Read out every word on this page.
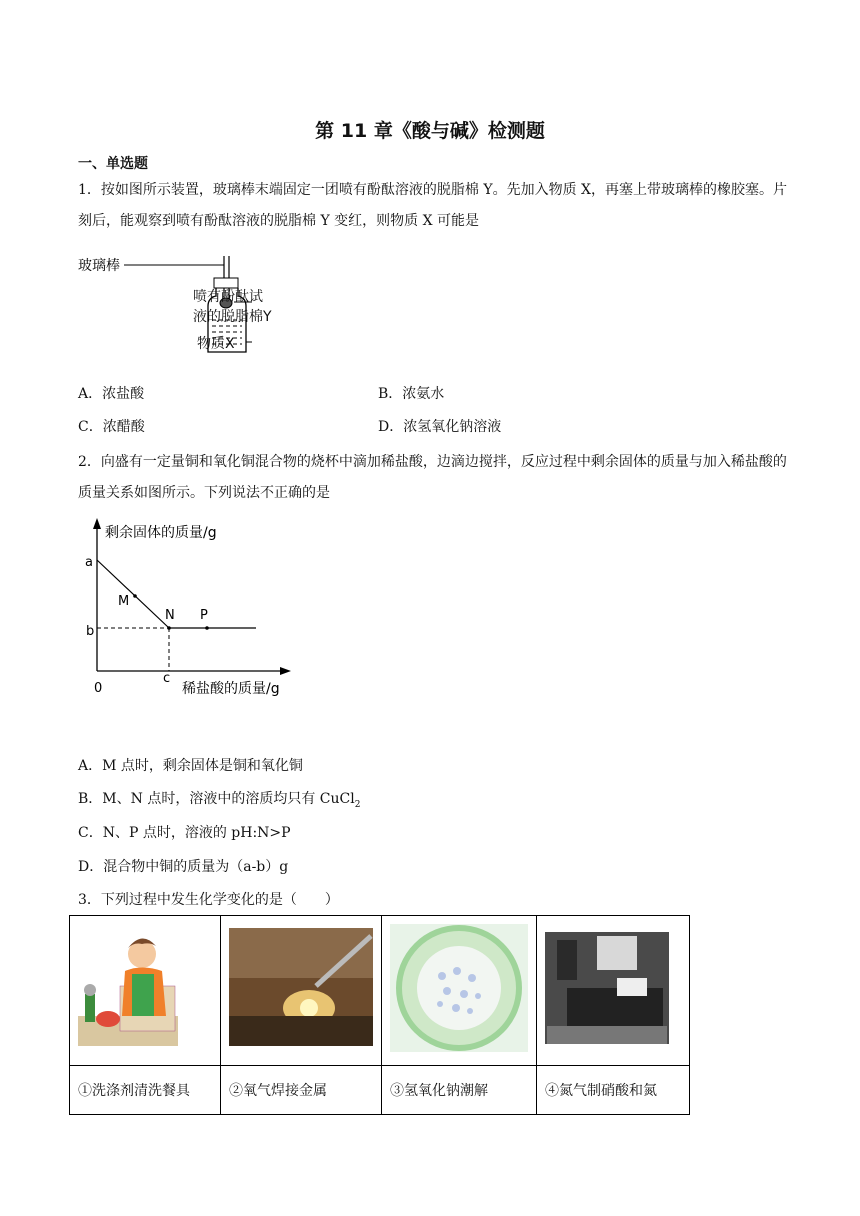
第 11 章《酸与碱》检测题
一、单选题
1．按如图所示装置，玻璃棒末端固定一团喷有酚酞溶液的脱脂棉 Y。先加入物质 X，再塞上带玻璃棒的橡胶塞。片刻后，能观察到喷有酚酞溶液的脱脂棉 Y 变红，则物质 X 可能是
玻璃棒
喷有酚酞试
液的脱脂棉Y
物质X
A．浓盐酸	B．浓氨水
C．浓醋酸	D．浓氢氧化钠溶液
2．向盛有一定量铜和氧化铜混合物的烧杯中滴加稀盐酸，边滴边搅拌，反应过程中剩余固体的质量与加入稀盐酸的质量关系如图所示。下列说法不正确的是
剩余固体的质量/g
稀盐酸的质量/g
0
a
b
c
M
N P
A．M 点时，剩余固体是铜和氧化铜
B．M、N 点时，溶液中的溶质均只有 CuCl$_2$
C．N、P 点时，溶液的 pH:N>P
D．混合物中铜的质量为（a-b）g
3．下列过程中发生化学变化的是（　　）

①洗涤剂清洗餐具	②氧气焊接金属	③氢氧化钠潮解	④氮气制硝酸和氮
